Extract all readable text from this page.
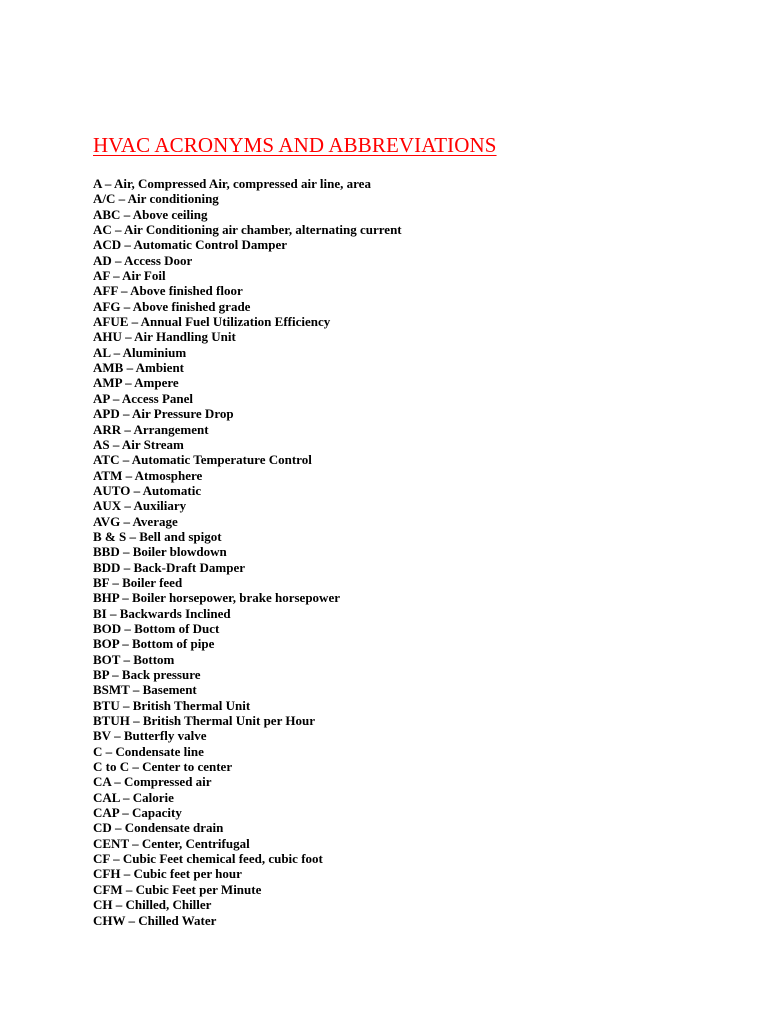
HVAC ACRONYMS AND ABBREVIATIONS
A – Air, Compressed Air, compressed air line, area
A/C – Air conditioning
ABC – Above ceiling
AC – Air Conditioning air chamber, alternating current
ACD – Automatic Control Damper
AD – Access Door
AF – Air Foil
AFF – Above finished floor
AFG – Above finished grade
AFUE – Annual Fuel Utilization Efficiency
AHU – Air Handling Unit
AL – Aluminium
AMB – Ambient
AMP – Ampere
AP – Access Panel
APD – Air Pressure Drop
ARR – Arrangement
AS – Air Stream
ATC – Automatic Temperature Control
ATM – Atmosphere
AUTO – Automatic
AUX – Auxiliary
AVG – Average
B & S – Bell and spigot
BBD – Boiler blowdown
BDD – Back-Draft Damper
BF – Boiler feed
BHP – Boiler horsepower, brake horsepower
BI – Backwards Inclined
BOD – Bottom of Duct
BOP – Bottom of pipe
BOT – Bottom
BP – Back pressure
BSMT – Basement
BTU – British Thermal Unit
BTUH – British Thermal Unit per Hour
BV – Butterfly valve
C – Condensate line
C to C – Center to center
CA – Compressed air
CAL – Calorie
CAP – Capacity
CD – Condensate drain
CENT – Center, Centrifugal
CF – Cubic Feet chemical feed, cubic foot
CFH – Cubic feet per hour
CFM – Cubic Feet per Minute
CH – Chilled, Chiller
CHW – Chilled Water
